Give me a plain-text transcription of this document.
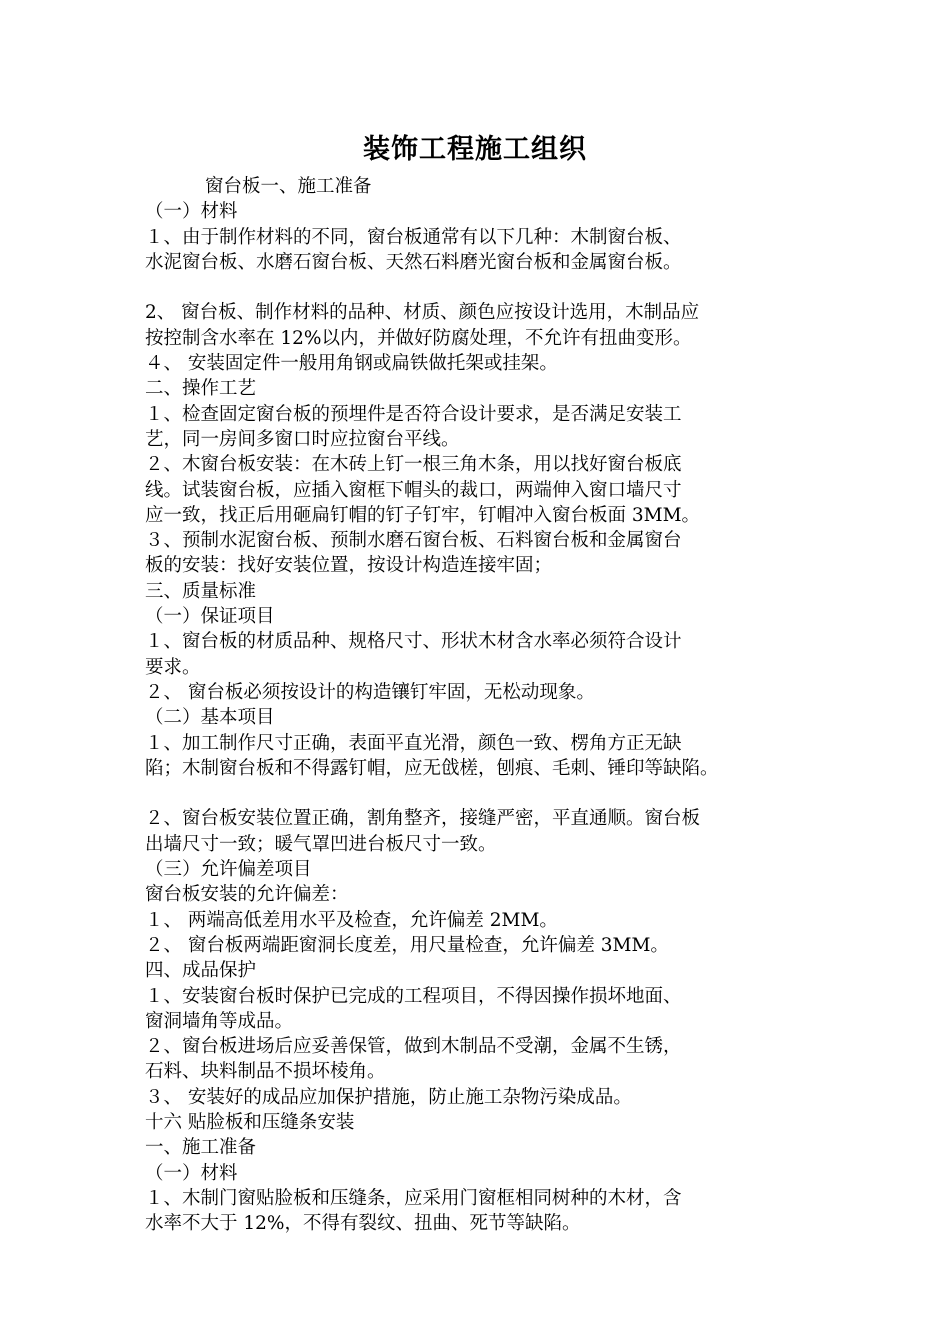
装饰工程施工组织
窗台板一、施工准备
（一）材料
１、由于制作材料的不同，窗台板通常有以下几种：木制窗台板、
水泥窗台板、水磨石窗台板、天然石料磨光窗台板和金属窗台板。
2、 窗台板、制作材料的品种、材质、颜色应按设计选用，木制品应
按控制含水率在 12%以内，并做好防腐处理，不允许有扭曲变形。
４、 安装固定件一般用角钢或扁铁做托架或挂架。
二、操作工艺
１、检查固定窗台板的预埋件是否符合设计要求，是否满足安装工
艺，同一房间多窗口时应拉窗台平线。
２、木窗台板安装：在木砖上钉一根三角木条，用以找好窗台板底
线。试装窗台板，应插入窗框下帽头的裁口，两端伸入窗口墙尺寸
应一致，找正后用砸扁钉帽的钉子钉牢，钉帽冲入窗台板面 3MM。
３、预制水泥窗台板、预制水磨石窗台板、石料窗台板和金属窗台
板的安装：找好安装位置，按设计构造连接牢固；
三、质量标准
（一）保证项目
１、窗台板的材质品种、规格尺寸、形状木材含水率必须符合设计
要求。
２、 窗台板必须按设计的构造镶钉牢固，无松动现象。
（二）基本项目
１、加工制作尺寸正确，表面平直光滑，颜色一致、楞角方正无缺
陷；木制窗台板和不得露钉帽，应无戗槎，刨痕、毛刺、锤印等缺陷。
２、窗台板安装位置正确，割角整齐，接缝严密，平直通顺。窗台板
出墙尺寸一致；暖气罩凹进台板尺寸一致。
（三）允许偏差项目
窗台板安装的允许偏差：
１、 两端高低差用水平及检查，允许偏差 2MM。
２、 窗台板两端距窗洞长度差，用尺量检查，允许偏差 3MM。
四、成品保护
１、安装窗台板时保护已完成的工程项目，不得因操作损坏地面、
窗洞墙角等成品。
２、窗台板进场后应妥善保管，做到木制品不受潮，金属不生锈，
石料、块料制品不损坏棱角。
３、 安装好的成品应加保护措施，防止施工杂物污染成品。
十六 贴脸板和压缝条安装
一、施工准备
（一）材料
１、木制门窗贴脸板和压缝条，应采用门窗框相同树种的木材，含
水率不大于 12%，不得有裂纹、扭曲、死节等缺陷。
